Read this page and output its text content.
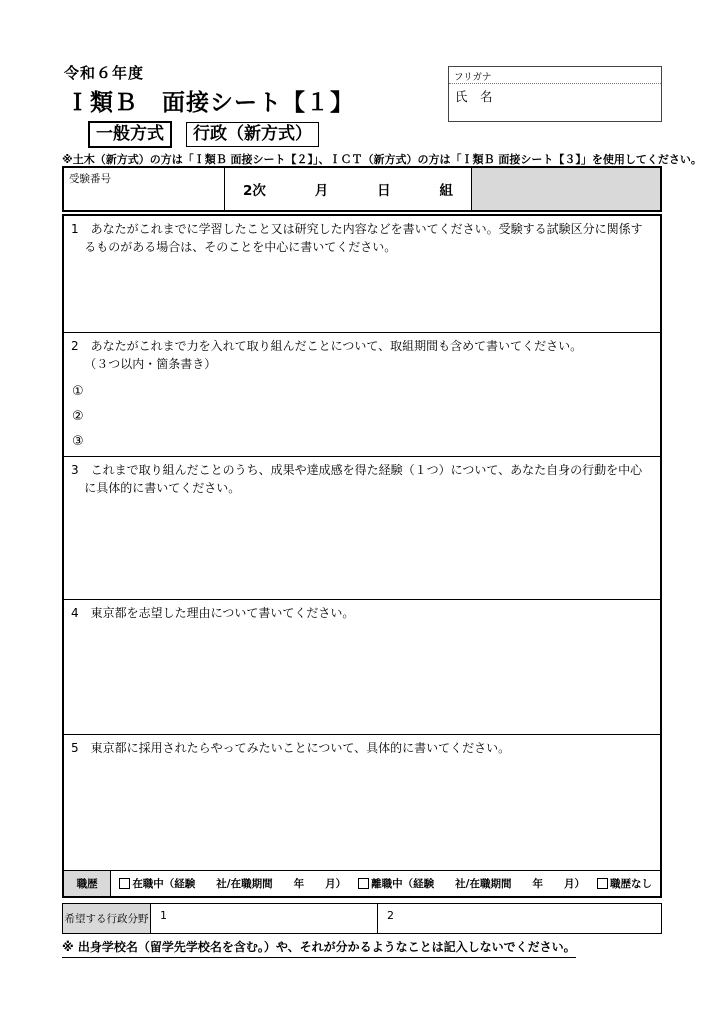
令和６年度
Ｉ類Ｂ　面接シート【１】
一般方式	行政（新方式）
※土木（新方式）の方は「Ｉ類Ｂ 面接シート【２】」、ＩＣＴ（新方式）の方は「Ｉ類Ｂ 面接シート【３】」を使用してください。
フリガナ
氏　名
受験番号
2次	月	日	組
1　あなたがこれまでに学習したこと又は研究した内容などを書いてください。受験する試験区分に関係するものがある場合は、そのことを中心に書いてください。
2　あなたがこれまで力を入れて取り組んだことについて、取組期間も含めて書いてください。
（３つ以内・箇条書き）
①
②
③
3　これまで取り組んだことのうち、成果や達成感を得た経験（１つ）について、あなた自身の行動を中心に具体的に書いてください。
4　東京都を志望した理由について書いてください。
5　東京都に採用されたらやってみたいことについて、具体的に書いてください。
職歴	在職中（経験　　社/在職期間　　年　　月） 離職中（経験　　社/在職期間　　年　　月） 職歴なし
希望する行政分野	1	2
※ 出身学校名（留学先学校名を含む。）や、それが分かるようなことは記入しないでください。
